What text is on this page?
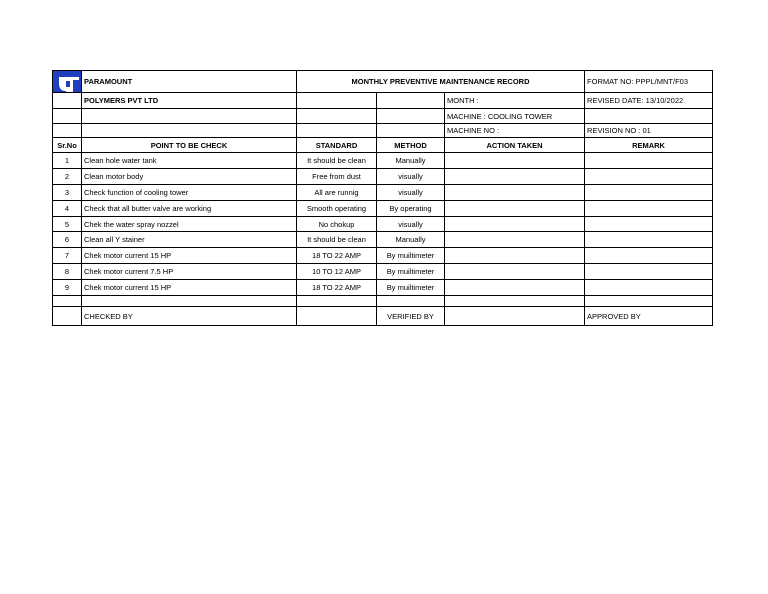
	PARAMOUNT	MONTHLY PREVENTIVE MAINTENANCE RECORD			FORMAT NO: PPPL/MNT/F03
	POLYMERS PVT LTD			MONTH :	REVISED DATE: 13/10/2022
				MACHINE : COOLING TOWER	
				MACHINE NO :	REVISION NO : 01
Sr.No	POINT TO BE CHECK	STANDARD	METHOD	ACTION TAKEN	REMARK
1	Clean hole water tank	It should be clean	Manually		
2	Clean motor body	Free from dust	visually		
3	Check function of cooling tower	All are runnig	visually		
4	Check that all butter valve are working	Smooth operating	By operating		
5	Chek the water spray nozzel	No chokup	visually		
6	Clean all Y stainer	It should be clean	Manually		
7	Chek motor current 15 HP	18 TO 22 AMP	By muiltimeter		
8	Chek motor current 7.5 HP	10 TO 12 AMP	By muiltimeter		
9	Chek motor current 15 HP	18 TO 22 AMP	By muiltimeter		

	CHECKED BY		VERIFIED BY		APPROVED BY
